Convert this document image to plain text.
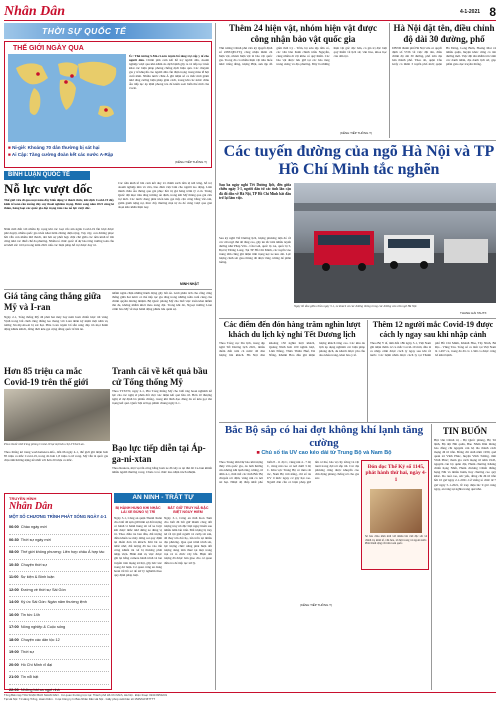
Nhân Dân	4-1-2021 8
THỜI SỰ QUỐC TẾ
THẾ GIỚI NGÀY QUA
Úc: Thủ tướng S.Mô-ri-xơn tuyên bố tăng trợ cấp y tế cho người dân. Chính phủ cam kết hỗ trợ người dân, doanh nghiệp vượt qua khó khăn do dịch bệnh gây ra và tiếp tục triển khai các biện pháp phòng chống dịch hiệu quả. Các chuyên gia y tế khuyến cáo người dân cần thận trọng trong mùa lễ hội cuối năm. Nhiều nước châu Á ghi nhận số ca mắc mới giảm nhờ tăng cường biện pháp giãn cách, trong khi các nước châu Âu tiếp tục áp lệnh phong tỏa để kiểm soát biến thể mới của vi-rút.
■ Ni-giê: Khoảng 70 dân thường bị sát hại
■ Ai Cập: Tăng cường đoàn kết các nước A-Rập
(KÊNH TIẾP THÔNG T)
BÌNH LUẬN QUỐC TẾ
Nỗ lực vượt dốc
Thế giới vừa đi qua một năm đầy biến động vì thách thức, khi dịch Covid-19 đẩy kinh tế toàn cầu xuống đáy suy thoái nghiêm trọng. Bước sang năm 2021 cùng kì thâm, hàng loạt các quốc gia đặt trọng tâm vào nỗ lực vượt dốc.
Năm mới đến với nhiều hy vọng khi các loại vắc-xin ngừa Covid-19 lần lượt được phê duyệt, nhiều quốc gia triển khai tiêm chủng diện rộng. Tuy vậy, con đường phục hồi vẫn còn nhiều thử thách, đòi hỏi sự phối hợp chặt chẽ giữa các nền kinh tế lớn cũng như các thiết chế đa phương. Nhiều tổ chức quốc tế dự báo tăng trưởng toàn cầu sẽ khởi sắc trở lại trong năm 2021 nếu các biện pháp hỗ trợ được duy trì.
Các nền kinh tế lớn cam kết duy trì chính sách tiền tệ nới lỏng, hỗ trợ doanh nghiệp nhỏ và vừa, bảo đảm việc làm cho người lao động. Liên minh châu Âu thông qua gói phục hồi trị giá hàng trăm tỷ ơ-rô. Trung Quốc đặt mục tiêu tăng trưởng ổn định, trong khi Mỹ thông qua gói cứu trợ mới. Các nước đang phát triển kêu gọi tiếp cận công bằng vắc-xin, giảm gánh nặng nợ, thúc đẩy thương mại tự do để cùng vượt qua giai đoạn khó khăn hiện nay.
MINH NHẬT
Giá tăng căng thẳng giữa Mỹ và I-ran
Ngày 2-1, Tổng thống Mỹ đã phái hai máy bay ném bom chiến lược tới vùng Vịnh trong bối cảnh căng thẳng leo thang với I-ran nhân kỷ niệm một năm vụ tướng Xô-lây-ma-ni bị sát hại. Phía I-ran tuyên bố sẵn sàng đáp trả mọi hành động khiêu khích, đồng thời kêu gọi cộng đồng quốc tế lên án.
Hơn 85 triệu ca mắc Covid-19 trên thế giới
Phun thuốc khử trùng phòng Covid-19 tại một khu chợ ở Thái Lan.
Theo thống kê trang worldometers.info, đến 6h ngày 4-1, thế giới ghi nhận hơn 85 triệu ca mắc Covid-19, trong đó hơn 1,8 triệu ca tử vong. Mỹ vẫn là quốc gia chịu ảnh hưởng nặng nề nhất với hơn 20 triệu ca mắc.
nhằm ngăn chặn những hành động gây bất ổn. Giới phân tích cho rằng căng thẳng giữa hai nước có thể tiếp tục gia tăng trong những tuần cuối cùng của chính quyền đương nhiệm. Bộ Quốc phòng Mỹ cho biết việc triển khai nhằm răn đe, không nhằm khơi mào xung đột. Trong khi đó, Ngoại trưởng I-ran cảnh báo Mỹ về mọi hành động phiêu lưu quân sự.
Tranh cãi về kết quả bầu cử Tổng thống Mỹ
Theo TTXVN, ngày 2-1, Phó Tổng thống Mỹ cho biết ông hoan nghênh nỗ lực của các nghị sĩ phản đối việc xác nhận kết quả bầu cử. Hơn 10 thượng nghị sĩ dự định bỏ phiếu chống, trong khi lãnh đạo đảng đa số kêu gọi tôn trọng kết quả. Quốc hội sẽ họp phiên chung ngày 6-1.
Bạo lực tiếp diễn tại Áp-ga-ni-xtan
Theo Reuters, một vụ tấn công bằng bom xe đã xảy ra tại thủ đô Ca-bun khiến nhiều người thương vong. Chưa có tổ chức nào nhận trách nhiệm.
TRUYỀN HÌNH
Nhân Dân
MỘT SỐ CHƯƠNG TRÌNH PHÁT SÓNG NGÀY 4-1
06:00 Chào ngày mới
06:30 Thời sự ngày mới
08:00 Thế giới không phương: Liên hợp châu Á hợp tác
10:30 Chuyện thời sự
11:00 Sự kiện & Bình luận
12:00 Đường về thời sự Sài Gòn
14:00 Ký ức Sài Gòn: Ngàn năm thường lệnh
16:00 Tin tức 14h
17:00 Nông nghiệp & Cuộc sống
18:00 Chuyện các dân tộc 12
19:00 Thời sự
20:00 Hồ Chí Minh vĩ đại
21:00 Tin nổi bật
22:00 Những bài ca ngợi nhà
AN NINH - TRẬT TỰ
BỊ HÀNH HUNG KHI NHẮC LÁI XE ĐÚNG VỊ TRÍ
Ngày 3-1, Công an quận Thanh Xuân cho biết đã tạm giữ hình sự đối tượng có hành vi hành hung tài xế xe buýt khi được nhắc nhở dừng xe đúng vị trí. Theo điều tra ban đầu, đối tượng điều khiển xe máy dừng sai quy định tại điểm đón trả khách. Khi lái xe nhắc nhở, đối tượng đã lao vào tấn công khiến tài xế bị thương phải nhập viện. Hình ảnh vụ việc được ghi lại bằng camera hành trình và lan truyền trên mạng xã hội, gây bức xúc trong dư luận. Cơ quan công an đang hoàn tất hồ sơ để xử lý nghiêm theo quy định pháp luật.
BẮT GIỮ TRUY NÃ ĐẶC BIỆT NGUY HIỂM
Ngày 3-1, Công an tỉnh Kon Tum cho biết đã bắt giữ thành công đối tượng truy nã đặc biệt nguy hiểm sau nhiều năm lẩn trốn. Đối tượng bị truy nã về tội giết người và cướp tài sản, đã thay tên đổi họ, lẩn trốn tại nhiều địa phương. Qua quá trình trinh sát, lực lượng chức năng phát hiện đối tượng đang làm thuê tại một trang trại và tổ chức vây bắt. Hiện đối tượng đã được bàn giao cho cơ quan điều tra để tiếp tục xử lý.
Thêm 24 hiện vật, nhóm hiện vật được công nhận bảo vật quốc gia
Thủ tướng Chính phủ vừa ký Quyết định số 2283/QĐ-TTg công nhận thêm 24 hiện vật, nhóm hiện vật là bảo vật quốc gia. Trong đó có nhiều hiện vật tiêu biểu như: trống đồng, tượng Phật, sưu tập đồ gốm thời Lý - Trần, bộ sưu tập tiền cổ, các văn bản hành chính triều Nguyễn, cùng nhiều di vật khảo cổ quý hiếm. Các bảo vật được lưu giữ tại các bảo tàng trung ương và địa phương. Đây là những hiện vật gốc độc bản, có giá trị đặc biệt quý hiếm về lịch sử, văn hóa, khoa học của dân tộc.
(KÊNH TIẾP THÔNG T)
Hà Nội đặt tên, điều chỉnh độ dài 30 đường, phố
UBND thành phố Hà Nội vừa có quyết định số 5726 về việc đặt tên, điều chỉnh độ dài 30 đường, phố trên địa bàn thành phố. Theo đó, quận Cầu Giấy có thêm 3 tuyến phố mới; quận Hà Đông, Long Biên, Hoàng Mai và nhiều quận, huyện khác cũng có tên đường mới. Việc đặt tên nhằm tôn vinh các danh nhân, địa danh lịch sử, góp phần giáo dục truyền thống.
Các tuyến đường của ngõ Hà Nội và TP Hồ Chí Minh tắc nghẽn
Sau ba ngày nghỉ Tết Dương lịch, đến giữa chiều ngày 3-1, người dân từ các tỉnh lân cận đã đổ dồn về Hà Nội, TP Hồ Chí Minh bắt đầu trở lại làm việc.
Sau kỳ nghỉ Tết Dương lịch, lượng phương tiện đổ về các cửa ngõ thủ đô tăng cao, gây ùn tắc trên nhiều tuyến đường như Pháp Vân - Cầu Giẽ, quốc lộ 1A, quốc lộ 5, Đại lộ Thăng Long. Tại TP Hồ Chí Minh, các tuyến vào trung tâm cũng ghi nhận tình trạng kẹt xe kéo dài. Lực lượng cảnh sát giao thông đã được tăng cường để phân luồng.
Ngày tết đầu giữa chiều ngày 3-1, xe khách và các đường thông trong các đường vào cửa ngõ Hà Nội.
THANH HẢI TAUTX
Các điểm đến đón hàng trăm nghìn lượt khách du lịch kỳ nghỉ Tết Dương lịch
Theo Tổng cục Du lịch, trong dịp nghỉ Tết Dương lịch 2021, nhiều điểm đến trên cả nước đã đón lượng lớn khách. Hà Nội đón khoảng 150 nghìn lượt khách, Quảng Ninh hơn 100 nghìn lượt, Lâm Đồng, Thừa Thiên Huế, Đà Nẵng, Khánh Hòa đều ghi nhận lượng khách tăng cao. Các khu du lịch áp dụng nghiêm các biện pháp phòng dịch, du khách được yêu cầu đeo khẩu trang, khai báo y tế.
Thêm 12 người mắc Covid-19 được cách ly ngay sau khi nhập cảnh
Theo Bộ Y tế, tính đến 18h ngày 3-1, Việt Nam ghi nhận thêm 12 ca mắc Covid-19 mới, đều là ca nhập cảnh được cách ly ngay sau khi về nước. Các bệnh nhân được cách ly tại Thành phố Hồ Chí Minh, Khánh Hòa, Tây Ninh, Bà Rịa - Vũng Tàu. Tổng số ca mắc tại Việt Nam là 1.497 ca, trong đó đã có 1.346 ca được công bố khỏi bệnh.
Bắc Bộ sắp có hai đợt không khí lạnh tăng cường
■ Chủ số tia UV cao kéo dài từ Trung Bộ và Nam Bộ
Theo Trung tâm Dự báo khí tượng thủy văn quốc gia, do ảnh hưởng của không khí lạnh tăng cường, từ đêm 4-1, thời tiết các tỉnh Bắc Bộ chuyển rét đậm, vùng núi có nơi rét hại. Nhiệt độ thấp nhất phổ biến 8 - 11 độ C, vùng núi 4 - 7 độ C, vùng núi cao có nơi dưới 3 độ C. Khu vực Trung Bộ có mưa rải rác, Nam Bộ trời nắng, chỉ số tia UV ở mức nguy cơ gây hại cao. Người dân cần có biện pháp giữ ấm cơ thể, bảo vệ cây trồng và vật nuôi trong đợt rét sắp tới. Các địa phương cũng được khuyến cáo chủ động phòng chống rét cho gia súc.
Đón đọc Thế Kỷ số 1145, phát hành thứ hai, ngày 4-1
Số báo chào năm mới với nhiều bài viết đặc sắc về chính trị, kinh tế, văn hóa, xã hội trong và ngoài nước. Phát hành rộng rãi trên toàn quốc.
(KÊNH TIẾP THÔNG T)
TIN BUỔN
Hội văn Chính trị - Bộ Quốc phòng, Bộ Tư lệnh, Bộ đội Hải quân, Báo Nhân Dân thông báo đồng chí nguyên cán bộ lão thành cách mạng đã từ trần. Đồng chí sinh năm 1930, quê quán xã Vĩnh Phúc, huyện Vĩnh Tường, tỉnh Vĩnh Phúc; tham gia cách mạng từ năm 1945, nguyên cán bộ quân đội, Huân chương Kháng chiến hạng Nhất, Huân chương Chiến thắng hạng Nhì và nhiều huân, huy chương cao quý khác. Do tuổi cao, sức yếu, đồng chí đã từ trần hồi 10 giờ ngày 2-1-2021. Lễ viếng tổ chức từ 7 giờ ngày 5-1-2021, lễ truy điệu lúc 9 giờ cùng ngày, an táng tại nghĩa trang quê nhà.
Tổng Biên tập TÒA SOẠN BÁO NHÂN DÂN · Cơ quan thường trực tại: Thành phố Hồ Chí Minh, Hà Nội · Điện thoại: 0243.8254231
Tại Hà Nội: 71 Hàng Trống, Hoàn Kiếm · In tại Công ty In Báo Nhân Dân Hà Nội · Giấy phép xuất bản số 1545/GP-BTTTT
